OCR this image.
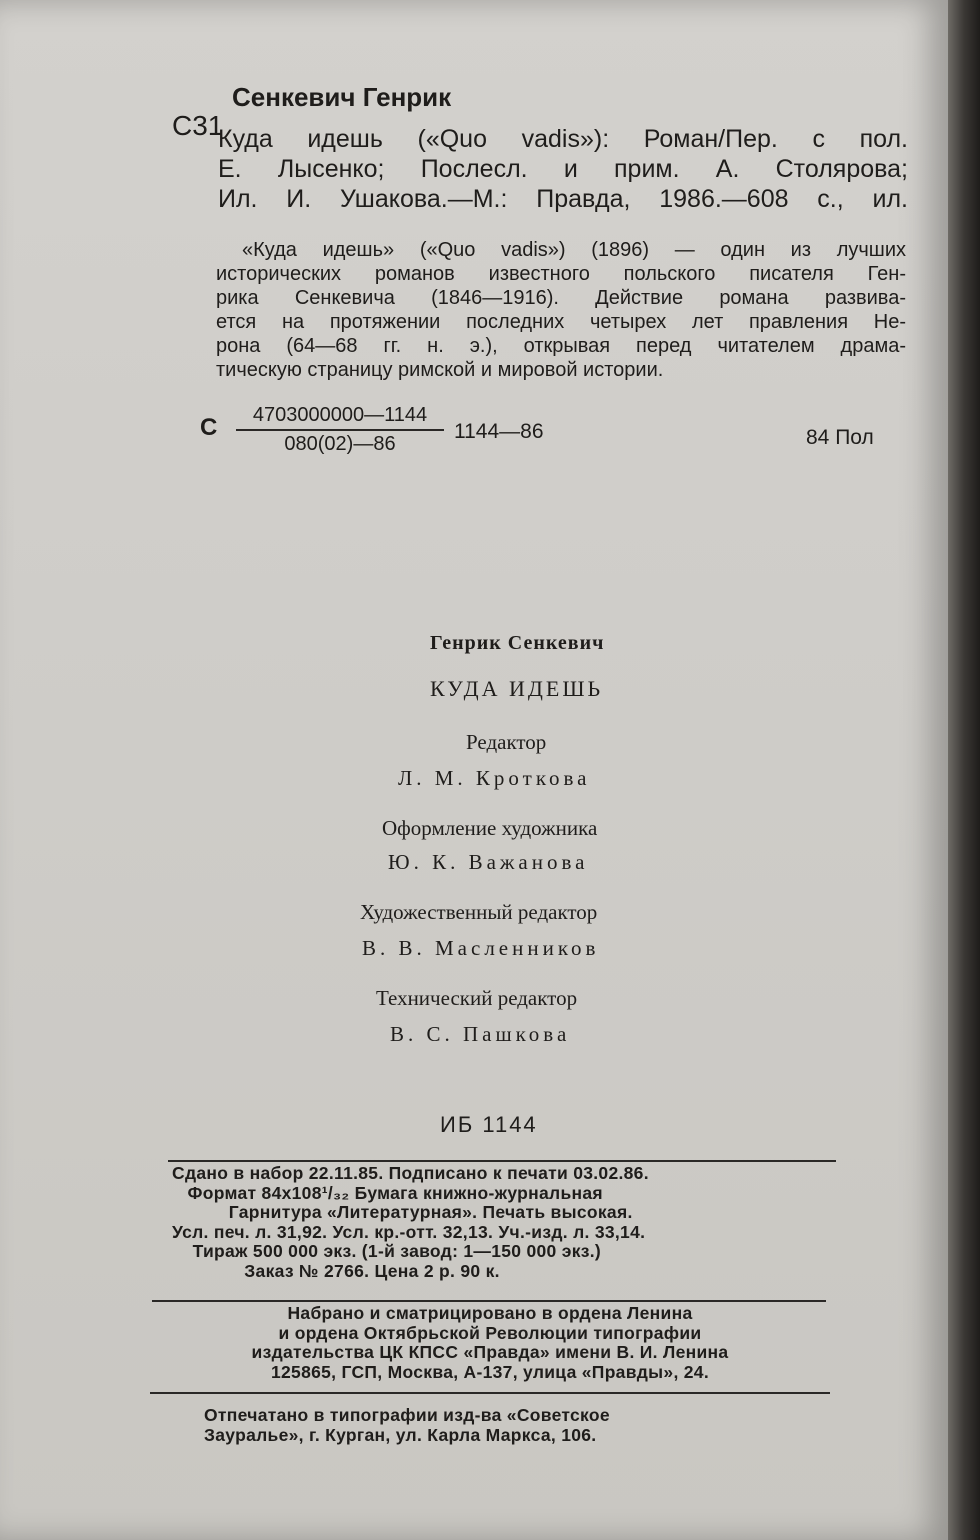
Сенкевич Генрик
С31
Куда идешь («Quo vadis»): Роман/Пер. с пол.
Е. Лысенко; Послесл. и прим. А. Столярова;
Ил. И. Ушакова.—М.: Правда, 1986.—608 с., ил.
«Куда идешь» («Quo vadis») (1896) — один из лучших
исторических романов известного польского писателя Ген-
рика Сенкевича (1846—1916). Действие романа развива-
ется на протяжении последних четырех лет правления Не-
рона (64—68 гг. н. э.), открывая перед читателем драма-
тическую страницу римской и мировой истории.
С	4703000000—1144
080(02)—86
1144—86	84 Пол
Генрик Сенкевич
КУДА ИДЕШЬ
Редактор
Л. М. Кроткова
Оформление художника
Ю. К. Важанова
Художественный редактор
В. В. Масленников
Технический редактор
В. С. Пашкова
ИБ 1144
Сдано в набор 22.11.85. Подписано к печати 03.02.86.
Формат 84x108¹/₃₂ Бумага книжно-журнальная
Гарнитура «Литературная». Печать высокая.
Усл. печ. л. 31,92. Усл. кр.-отт. 32,13. Уч.-изд. л. 33,14.
Тираж 500 000 экз. (1-й завод: 1—150 000 экз.)
Заказ № 2766. Цена 2 р. 90 к.
Набрано и сматрицировано в ордена Ленина
и ордена Октябрьской Революции типографии
издательства ЦК КПСС «Правда» имени В. И. Ленина
125865, ГСП, Москва, А-137, улица «Правды», 24.
Отпечатано в типографии изд-ва «Советское
Зауралье», г. Курган, ул. Карла Маркса, 106.
